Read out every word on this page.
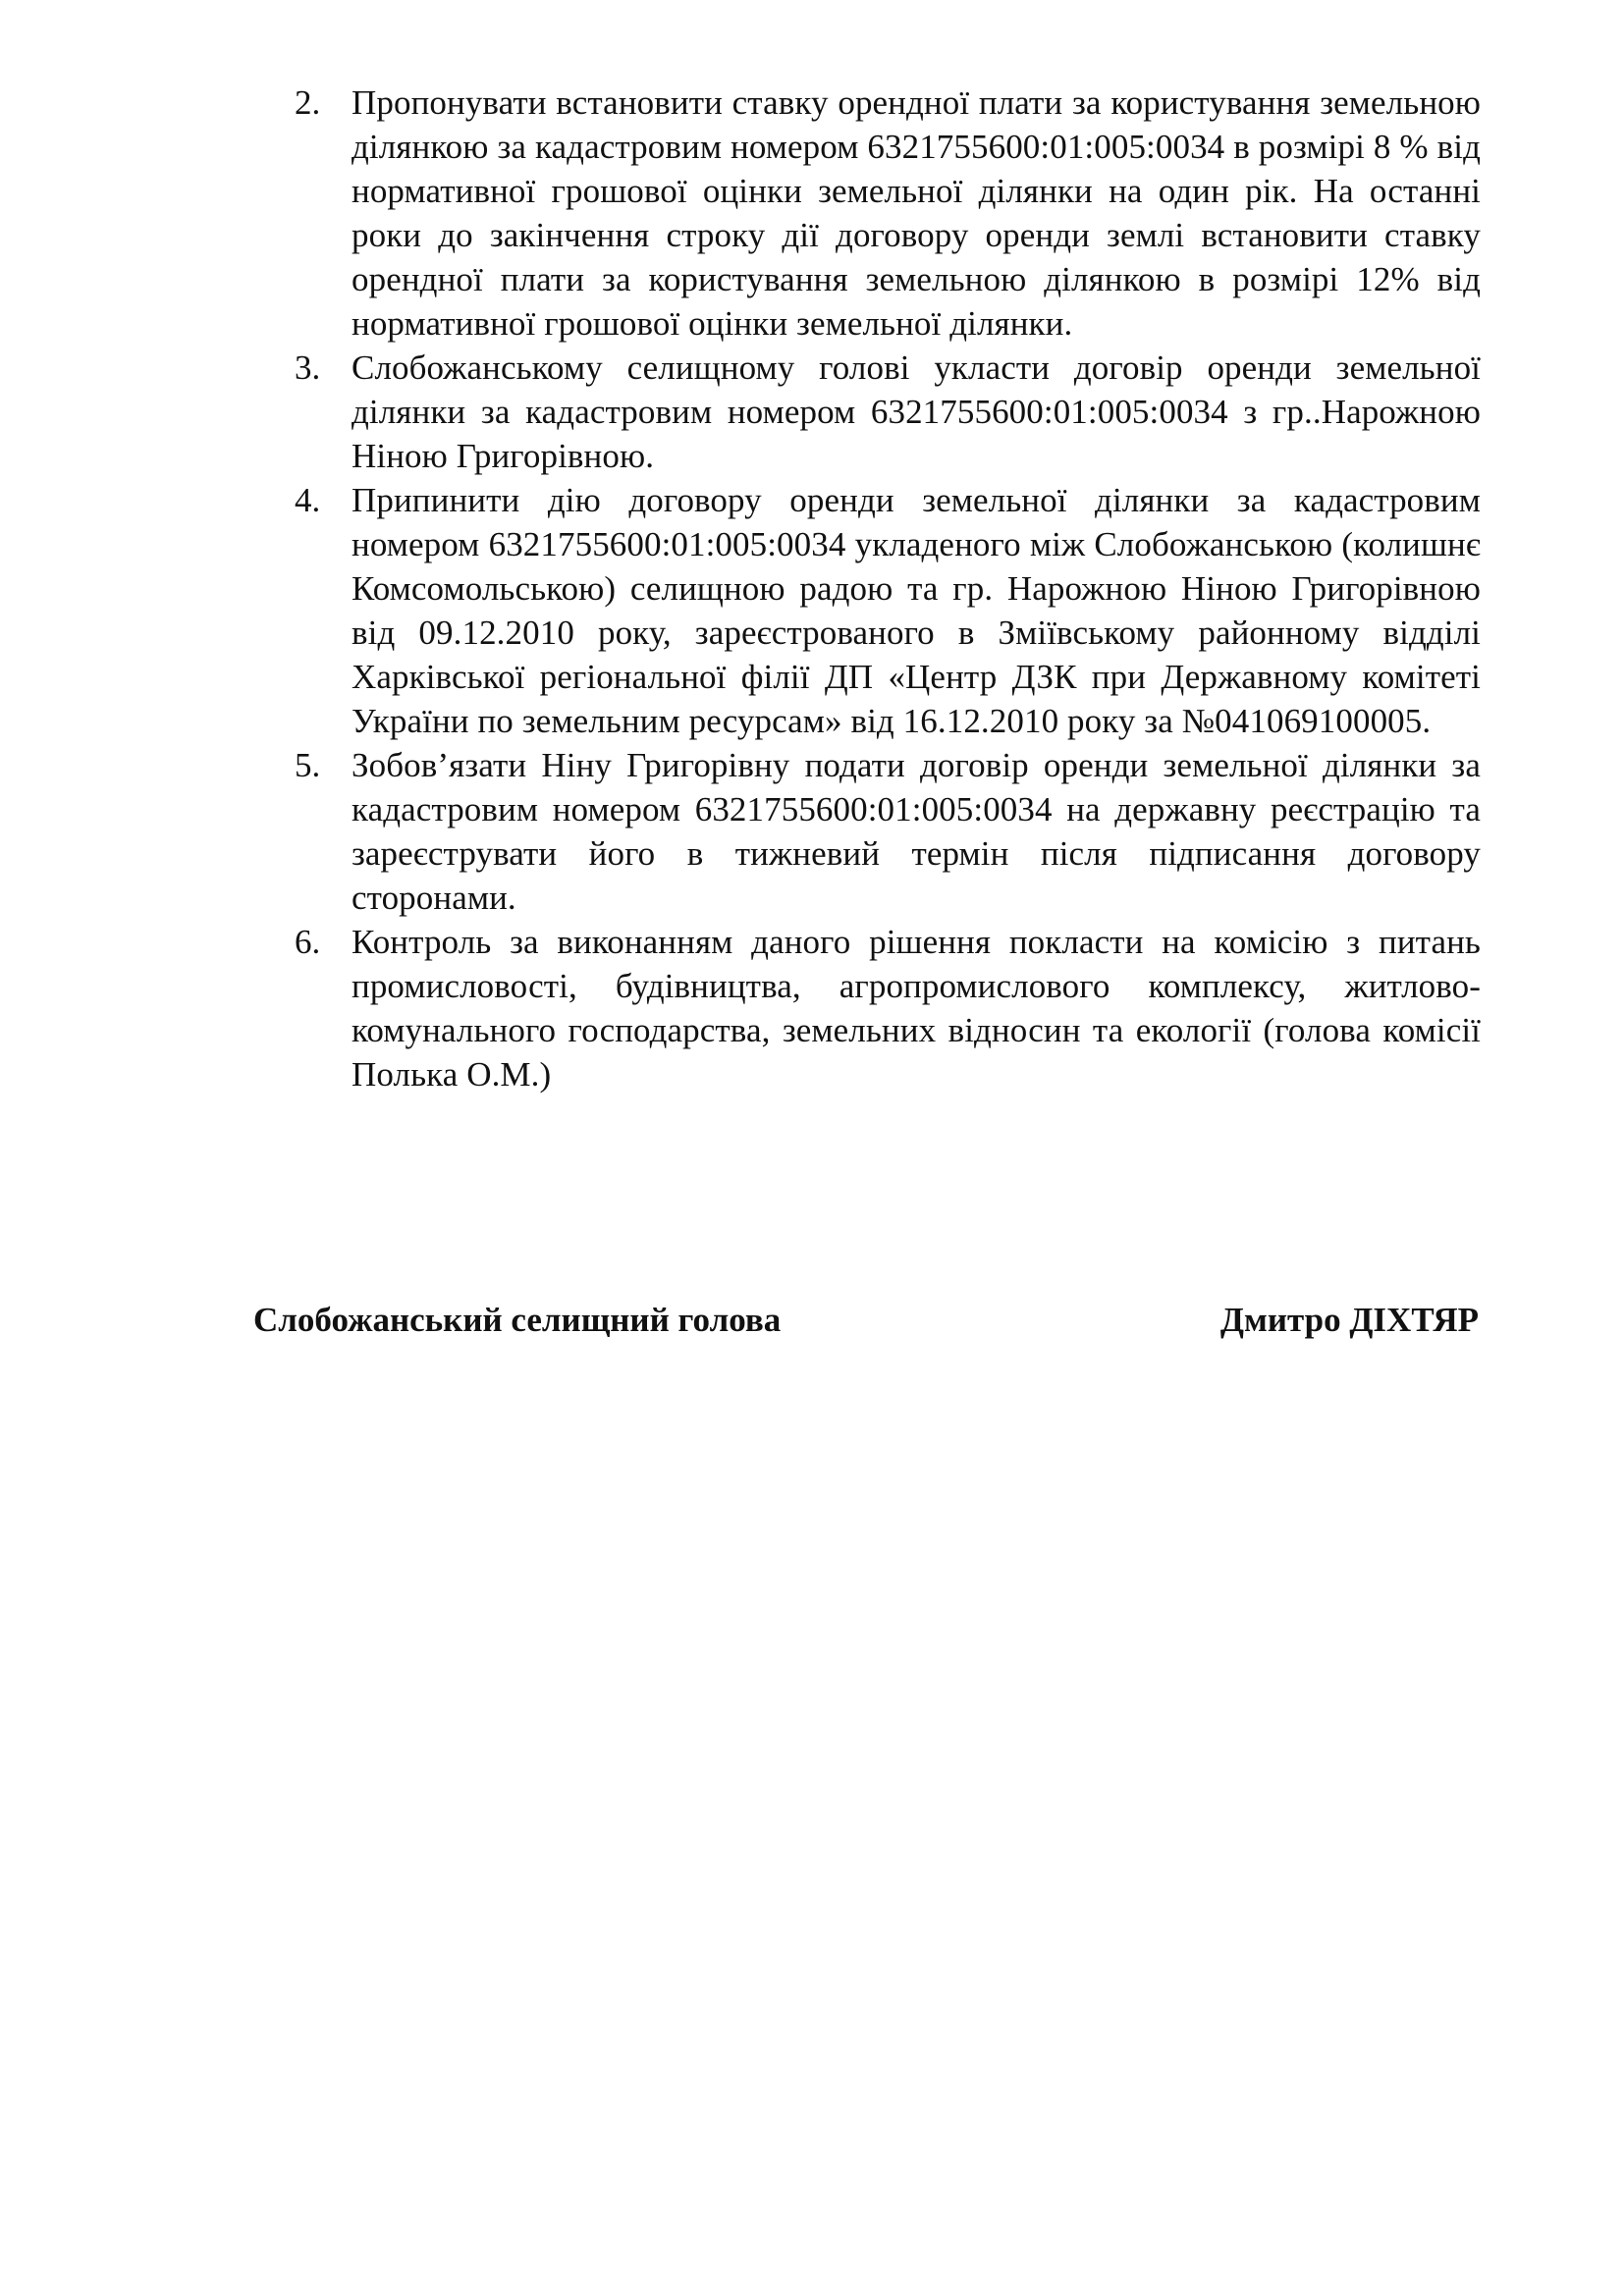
2. Пропонувати встановити ставку орендної плати за користування земельною ділянкою за кадастровим номером 6321755600:01:005:0034 в розмірі 8 % від нормативної грошової оцінки земельної ділянки на один рік. На останні роки до закінчення строку дії договору оренди землі встановити ставку орендної плати за користування земельною ділянкою в розмірі 12% від нормативної грошової оцінки земельної ділянки.
3. Слобожанському селищному голові укласти договір оренди земельної ділянки за кадастровим номером 6321755600:01:005:0034 з гр..Нарожною Ніною Григорівною.
4. Припинити дію договору оренди земельної ділянки за кадастровим номером 6321755600:01:005:0034 укладеного між Слобожанською (колишнє Комсомольською) селищною радою та гр. Нарожною Ніною Григорівною від 09.12.2010 року, зареєстрованого в Зміївському районному відділі Харківської регіональної філії ДП «Центр ДЗК при Державному комітеті України по земельним ресурсам» від 16.12.2010 року за №041069100005.
5. Зобов’язати Ніну Григорівну подати договір оренди земельної ділянки за кадастровим номером 6321755600:01:005:0034 на державну реєстрацію та зареєструвати його в тижневий термін після підписання договору сторонами.
6. Контроль за виконанням даного рішення покласти на комісію з питань промисловості, будівництва, агропромислового комплексу, житлово-комунального господарства, земельних відносин та екології (голова комісії Полька О.М.)
Слобожанський селищний голова	Дмитро ДІХТЯР
